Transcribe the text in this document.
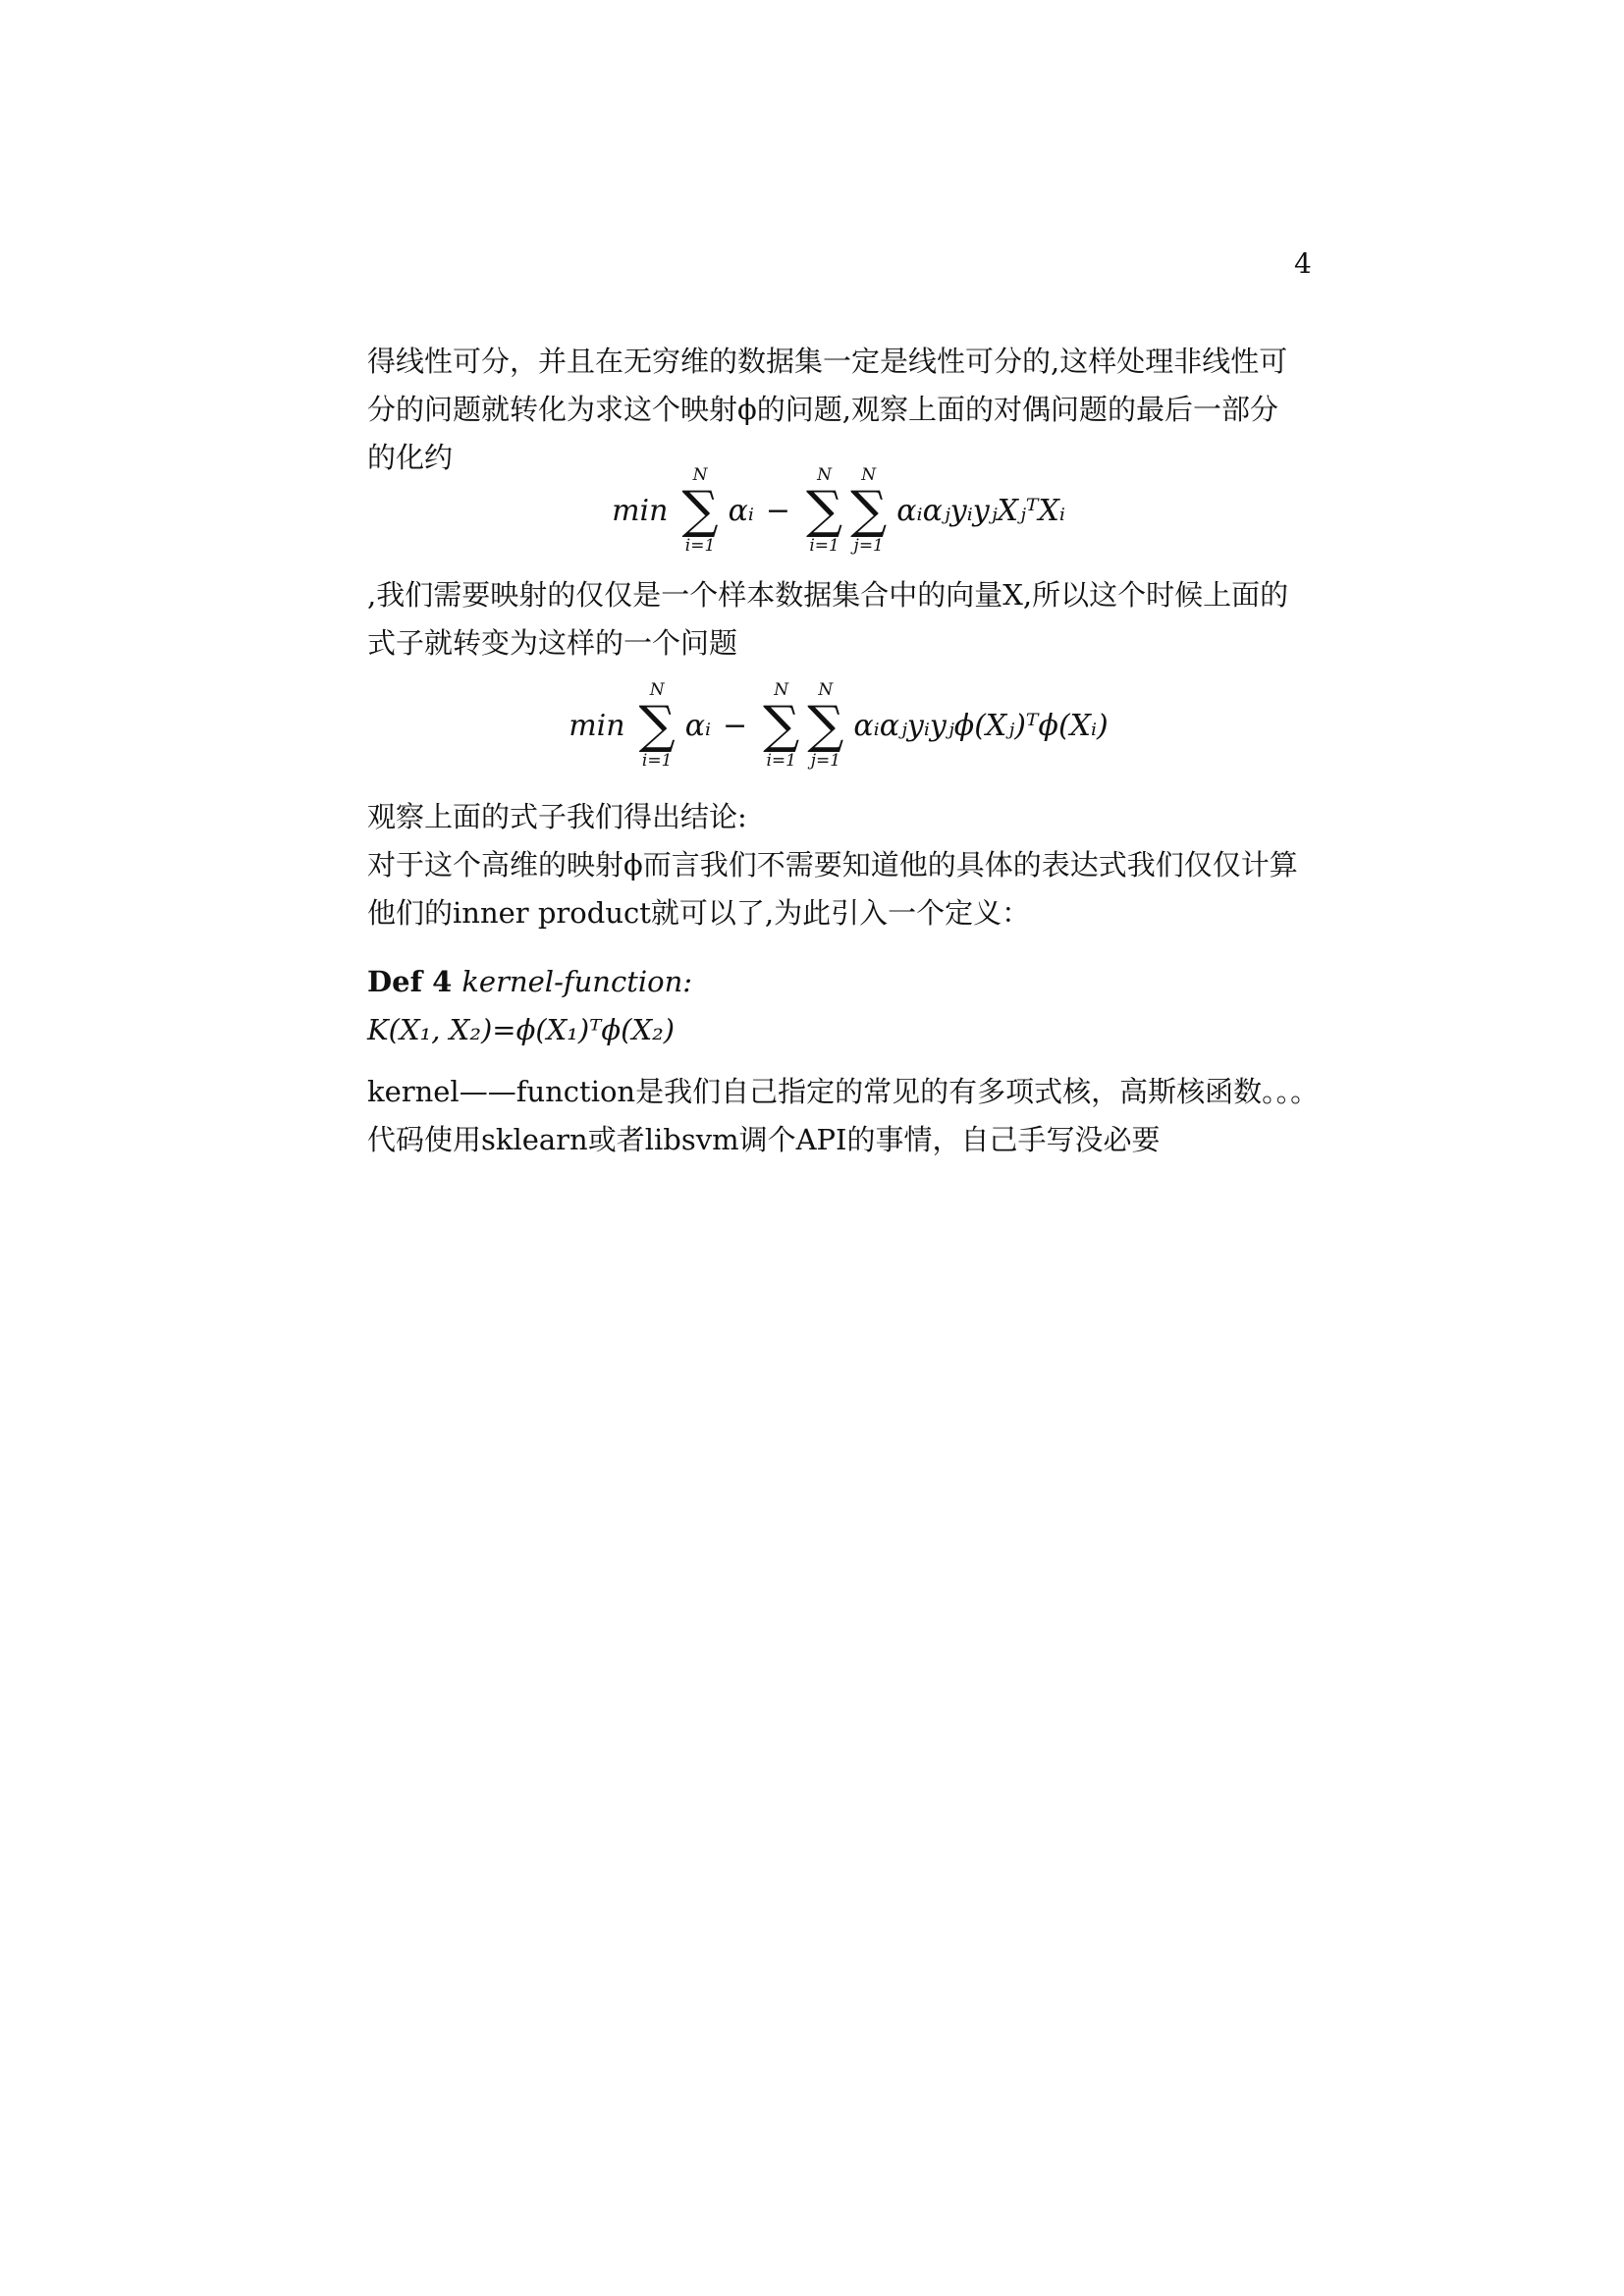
4
得线性可分，并且在无穷维的数据集一定是线性可分的,这样处理非线性可
分的问题就转化为求这个映射ϕ的问题,观察上面的对偶问题的最后一部分
的化约
min
N
∑
i=1
αᵢ −
N
∑
i=1
N
∑
j=1
αᵢαⱼyᵢyⱼXⱼᵀXᵢ
,我们需要映射的仅仅是一个样本数据集合中的向量X,所以这个时候上面的
式子就转变为这样的一个问题
min
N
∑
i=1
αᵢ −
N
∑
i=1
N
∑
j=1
αᵢαⱼyᵢyⱼϕ(Xⱼ)ᵀϕ(Xᵢ)
观察上面的式子我们得出结论:
对于这个高维的映射ϕ而言我们不需要知道他的具体的表达式我们仅仅计算
他们的inner product就可以了,为此引入一个定义：
Def 4 kernel-function:
K(X₁, X₂)=ϕ(X₁)ᵀϕ(X₂)
kernel——function是我们自己指定的常见的有多项式核，高斯核函数。。。
代码使用sklearn或者libsvm调个API的事情，自己手写没必要
